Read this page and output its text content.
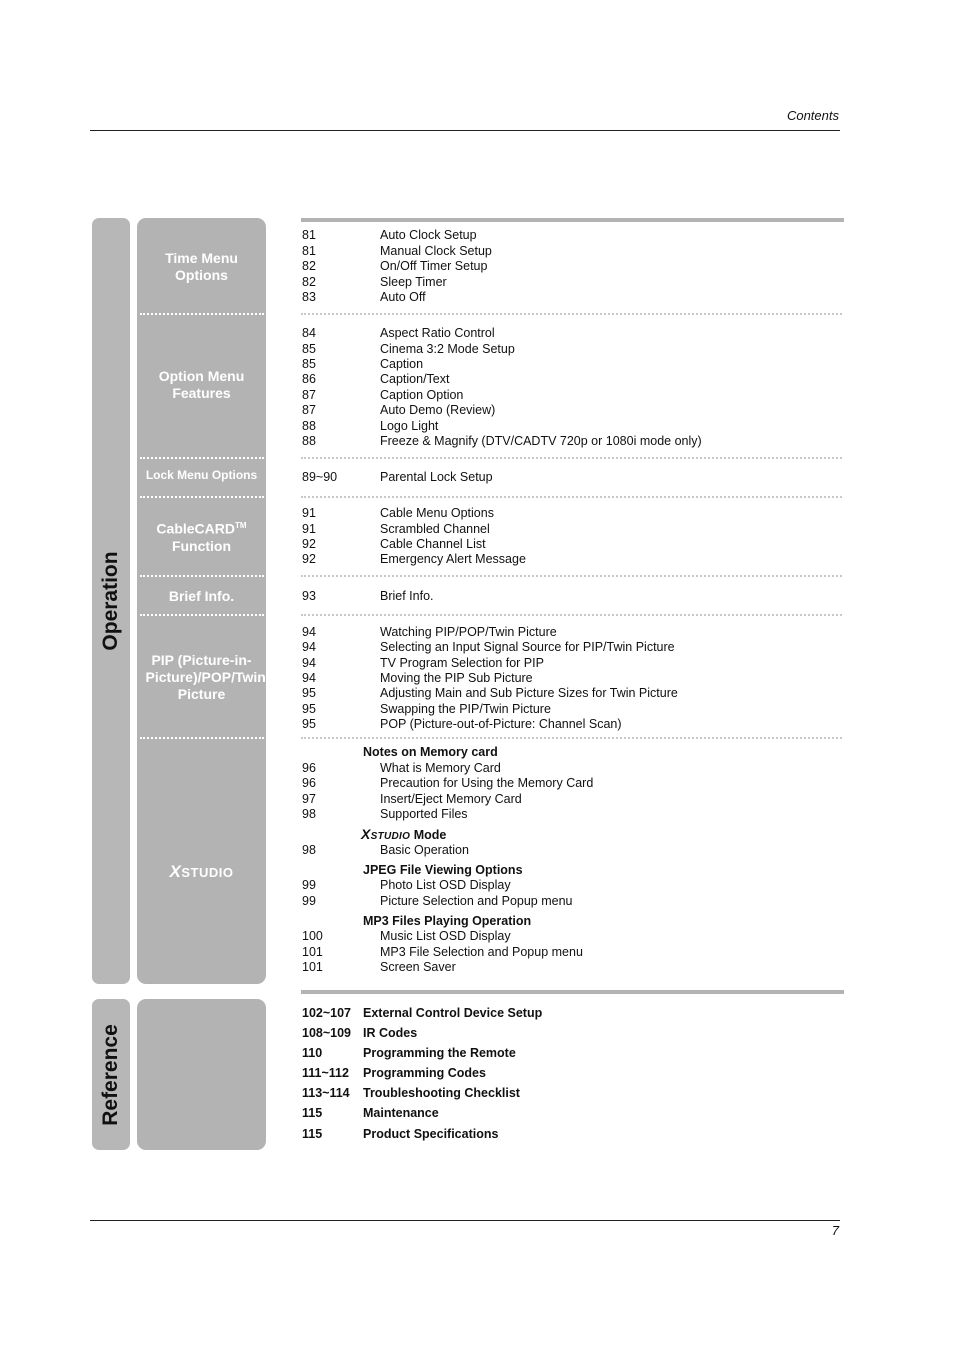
Contents
Operation
Reference
Time Menu Options
Option Menu Features
Lock Menu Options
CableCARD™
Function
Brief Info.
PIP (Picture-in-Picture)/POP/Twin Picture
XSTUDIO
81	Auto Clock Setup
81	Manual Clock Setup
82	On/Off Timer Setup
82	Sleep Timer
83	Auto Off
84	Aspect Ratio Control
85	Cinema 3:2 Mode Setup
85	Caption
86	Caption/Text
87	Caption Option
87	Auto Demo (Review)
88	Logo Light
88	Freeze & Magnify (DTV/CADTV 720p or 1080i mode only)
89~90	Parental Lock Setup
91	Cable Menu Options
91	Scrambled Channel
92	Cable Channel List
92	Emergency Alert Message
93	Brief Info.
94	Watching PIP/POP/Twin Picture
94	Selecting an Input Signal Source for PIP/Twin Picture
94	TV Program Selection for PIP
94	Moving the PIP Sub Picture
95	Adjusting Main and Sub Picture Sizes for Twin Picture
95	Swapping the PIP/Twin Picture
95	POP (Picture-out-of-Picture: Channel Scan)
Notes on Memory card
96	What is Memory Card
96	Precaution for Using the Memory Card
97	Insert/Eject Memory Card
98	Supported Files
XSTUDIO Mode
98	Basic Operation
JPEG File Viewing Options
99	Photo List OSD Display
99	Picture Selection and Popup menu
MP3 Files Playing Operation
100	Music List OSD Display
101	MP3 File Selection and Popup menu
101	Screen Saver
102~107 External Control Device Setup
108~109 IR Codes
110	Programming the Remote
111~112 Programming Codes
113~114 Troubleshooting Checklist
115	Maintenance
115	Product Specifications
7
